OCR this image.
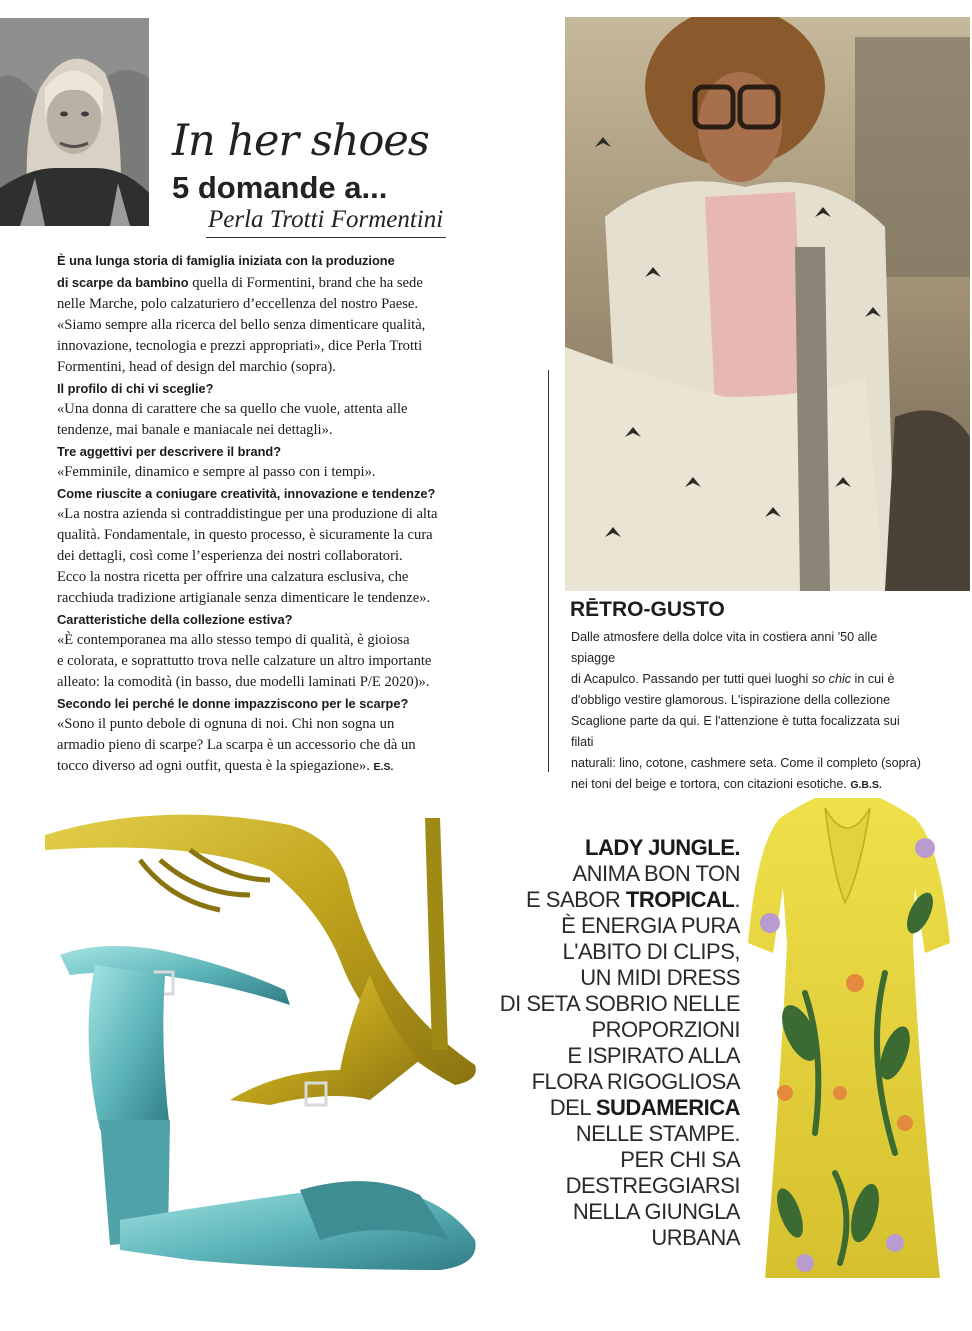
In her shoes
5 domande a...
Perla Trotti Formentini

È una lunga storia di famiglia iniziata con la produzione
di scarpe da bambino quella di Formentini, brand che ha sede
nelle Marche, polo calzaturiero d’eccellenza del nostro Paese.
«Siamo sempre alla ricerca del bello senza dimenticare qualità,
innovazione, tecnologia e prezzi appropriati», dice Perla Trotti
Formentini, head of design del marchio (sopra).

Il profilo di chi vi sceglie?

«Una donna di carattere che sa quello che vuole, attenta alle
tendenze, mai banale e maniacale nei dettagli».

Tre aggettivi per descrivere il brand?

«Femminile, dinamico e sempre al passo con i tempi».

Come riuscite a coniugare creatività, innovazione e tendenze?

«La nostra azienda si contraddistingue per una produzione di alta
qualità. Fondamentale, in questo processo, è sicuramente la cura
dei dettagli, così come l’esperienza dei nostri collaboratori.
Ecco la nostra ricetta per offrire una calzatura esclusiva, che
racchiuda tradizione artigianale senza dimenticare le tendenze».

Caratteristiche della collezione estiva?

«È contemporanea ma allo stesso tempo di qualità, è gioiosa
e colorata, e soprattutto trova nelle calzature un altro importante
alleato: la comodità (in basso, due modelli laminati P/E 2020)».

Secondo lei perché le donne impazziscono per le scarpe?

«Sono il punto debole di ognuna di noi. Chi non sogna un
armadio pieno di scarpe? La scarpa è un accessorio che dà un
tocco diverso ad ogni outfit, questa è la spiegazione». E.S.

RĒTRO-GUSTO
Dalle atmosfere della dolce vita in costiera anni '50 alle spiagge
di Acapulco. Passando per tutti quei luoghi so chic in cui è
d'obbligo vestire glamorous. L'ispirazione della collezione
Scaglione parte da qui. E l'attenzione è tutta focalizzata sui filati
naturali: lino, cotone, cashmere seta. Come il completo (sopra)
nei toni del beige e tortora, con citazioni esotiche. G.B.S.
LADY JUNGLE.
ANIMA BON TON
E SABOR TROPICAL.
È ENERGIA PURA
L'ABITO DI CLIPS,
UN MIDI DRESS
DI SETA SOBRIO NELLE
PROPORZIONI
E ISPIRATO ALLA
FLORA RIGOGLIOSA
DEL SUDAMERICA
NELLE STAMPE.
PER CHI SA
DESTREGGIARSI
NELLA GIUNGLA
URBANA
